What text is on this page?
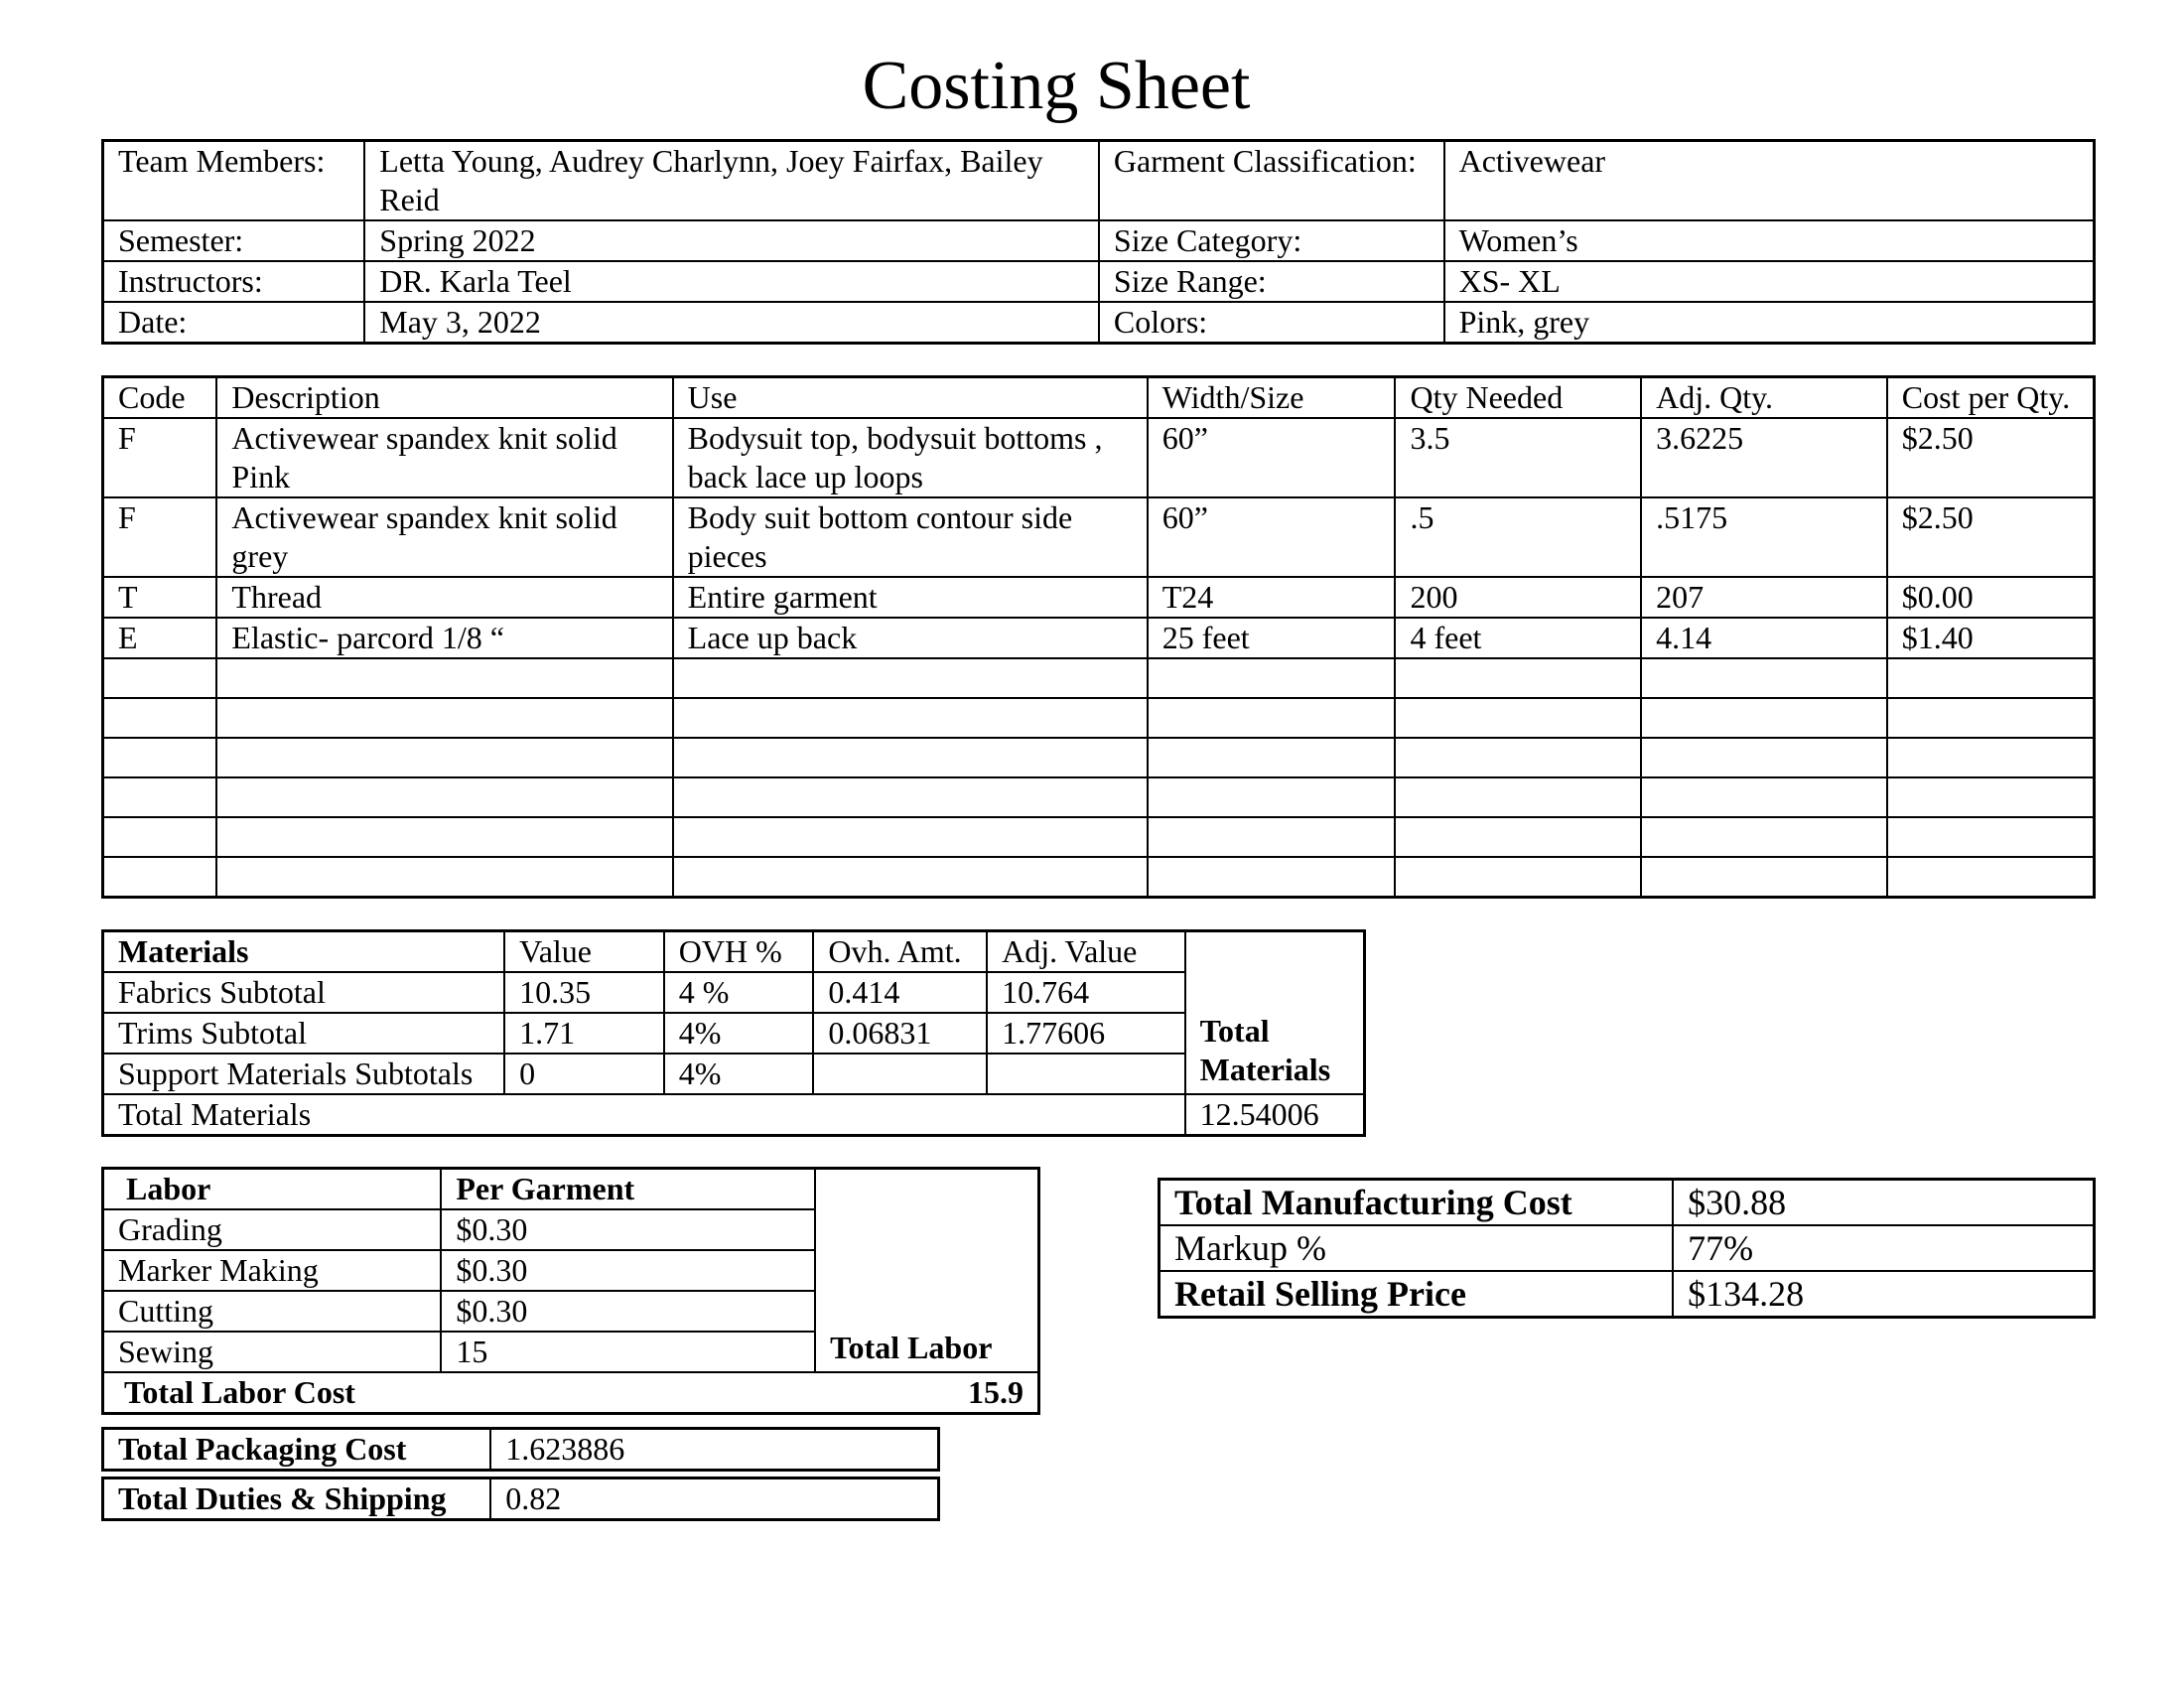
Costing Sheet
Team Members:	Letta Young, Audrey Charlynn, Joey Fairfax, Bailey Reid	Garment Classification:	Activewear
Semester:	Spring 2022	Size Category:	Women’s
Instructors:	DR. Karla Teel	Size Range:	XS- XL
Date:	May 3, 2022	Colors:	Pink, grey
Code	Description	Use	Width/Size	Qty Needed	Adj. Qty.	Cost per Qty.
F	Activewear spandex knit solid Pink	Bodysuit top, bodysuit bottoms , back lace up loops	60”	3.5	3.6225	$2.50
F	Activewear spandex knit solid grey	Body suit bottom contour side pieces	60”	.5	.5175	$2.50
T	Thread	Entire garment	T24	200	207	$0.00
E	Elastic- parcord 1/8 “	Lace up back	25 feet	4 feet	4.14	$1.40

Materials	Value	OVH %	Ovh. Amt.	Adj. Value	Total Materials
Fabrics Subtotal	10.35	4 %	0.414	10.764	
Trims Subtotal	1.71	4%	0.06831	1.77606	
Support Materials Subtotals	0	4%			
Total Materials					12.54006
Labor	Per Garment	Total Labor
Grading	$0.30	
Marker Making	$0.30	
Cutting	$0.30	
Sewing	15	
Total Labor Cost 15.9		
Total Packaging Cost	1.623886
Total Duties & Shipping	0.82
Total Manufacturing Cost	$30.88
Markup %	77%
Retail Selling Price	$134.28
